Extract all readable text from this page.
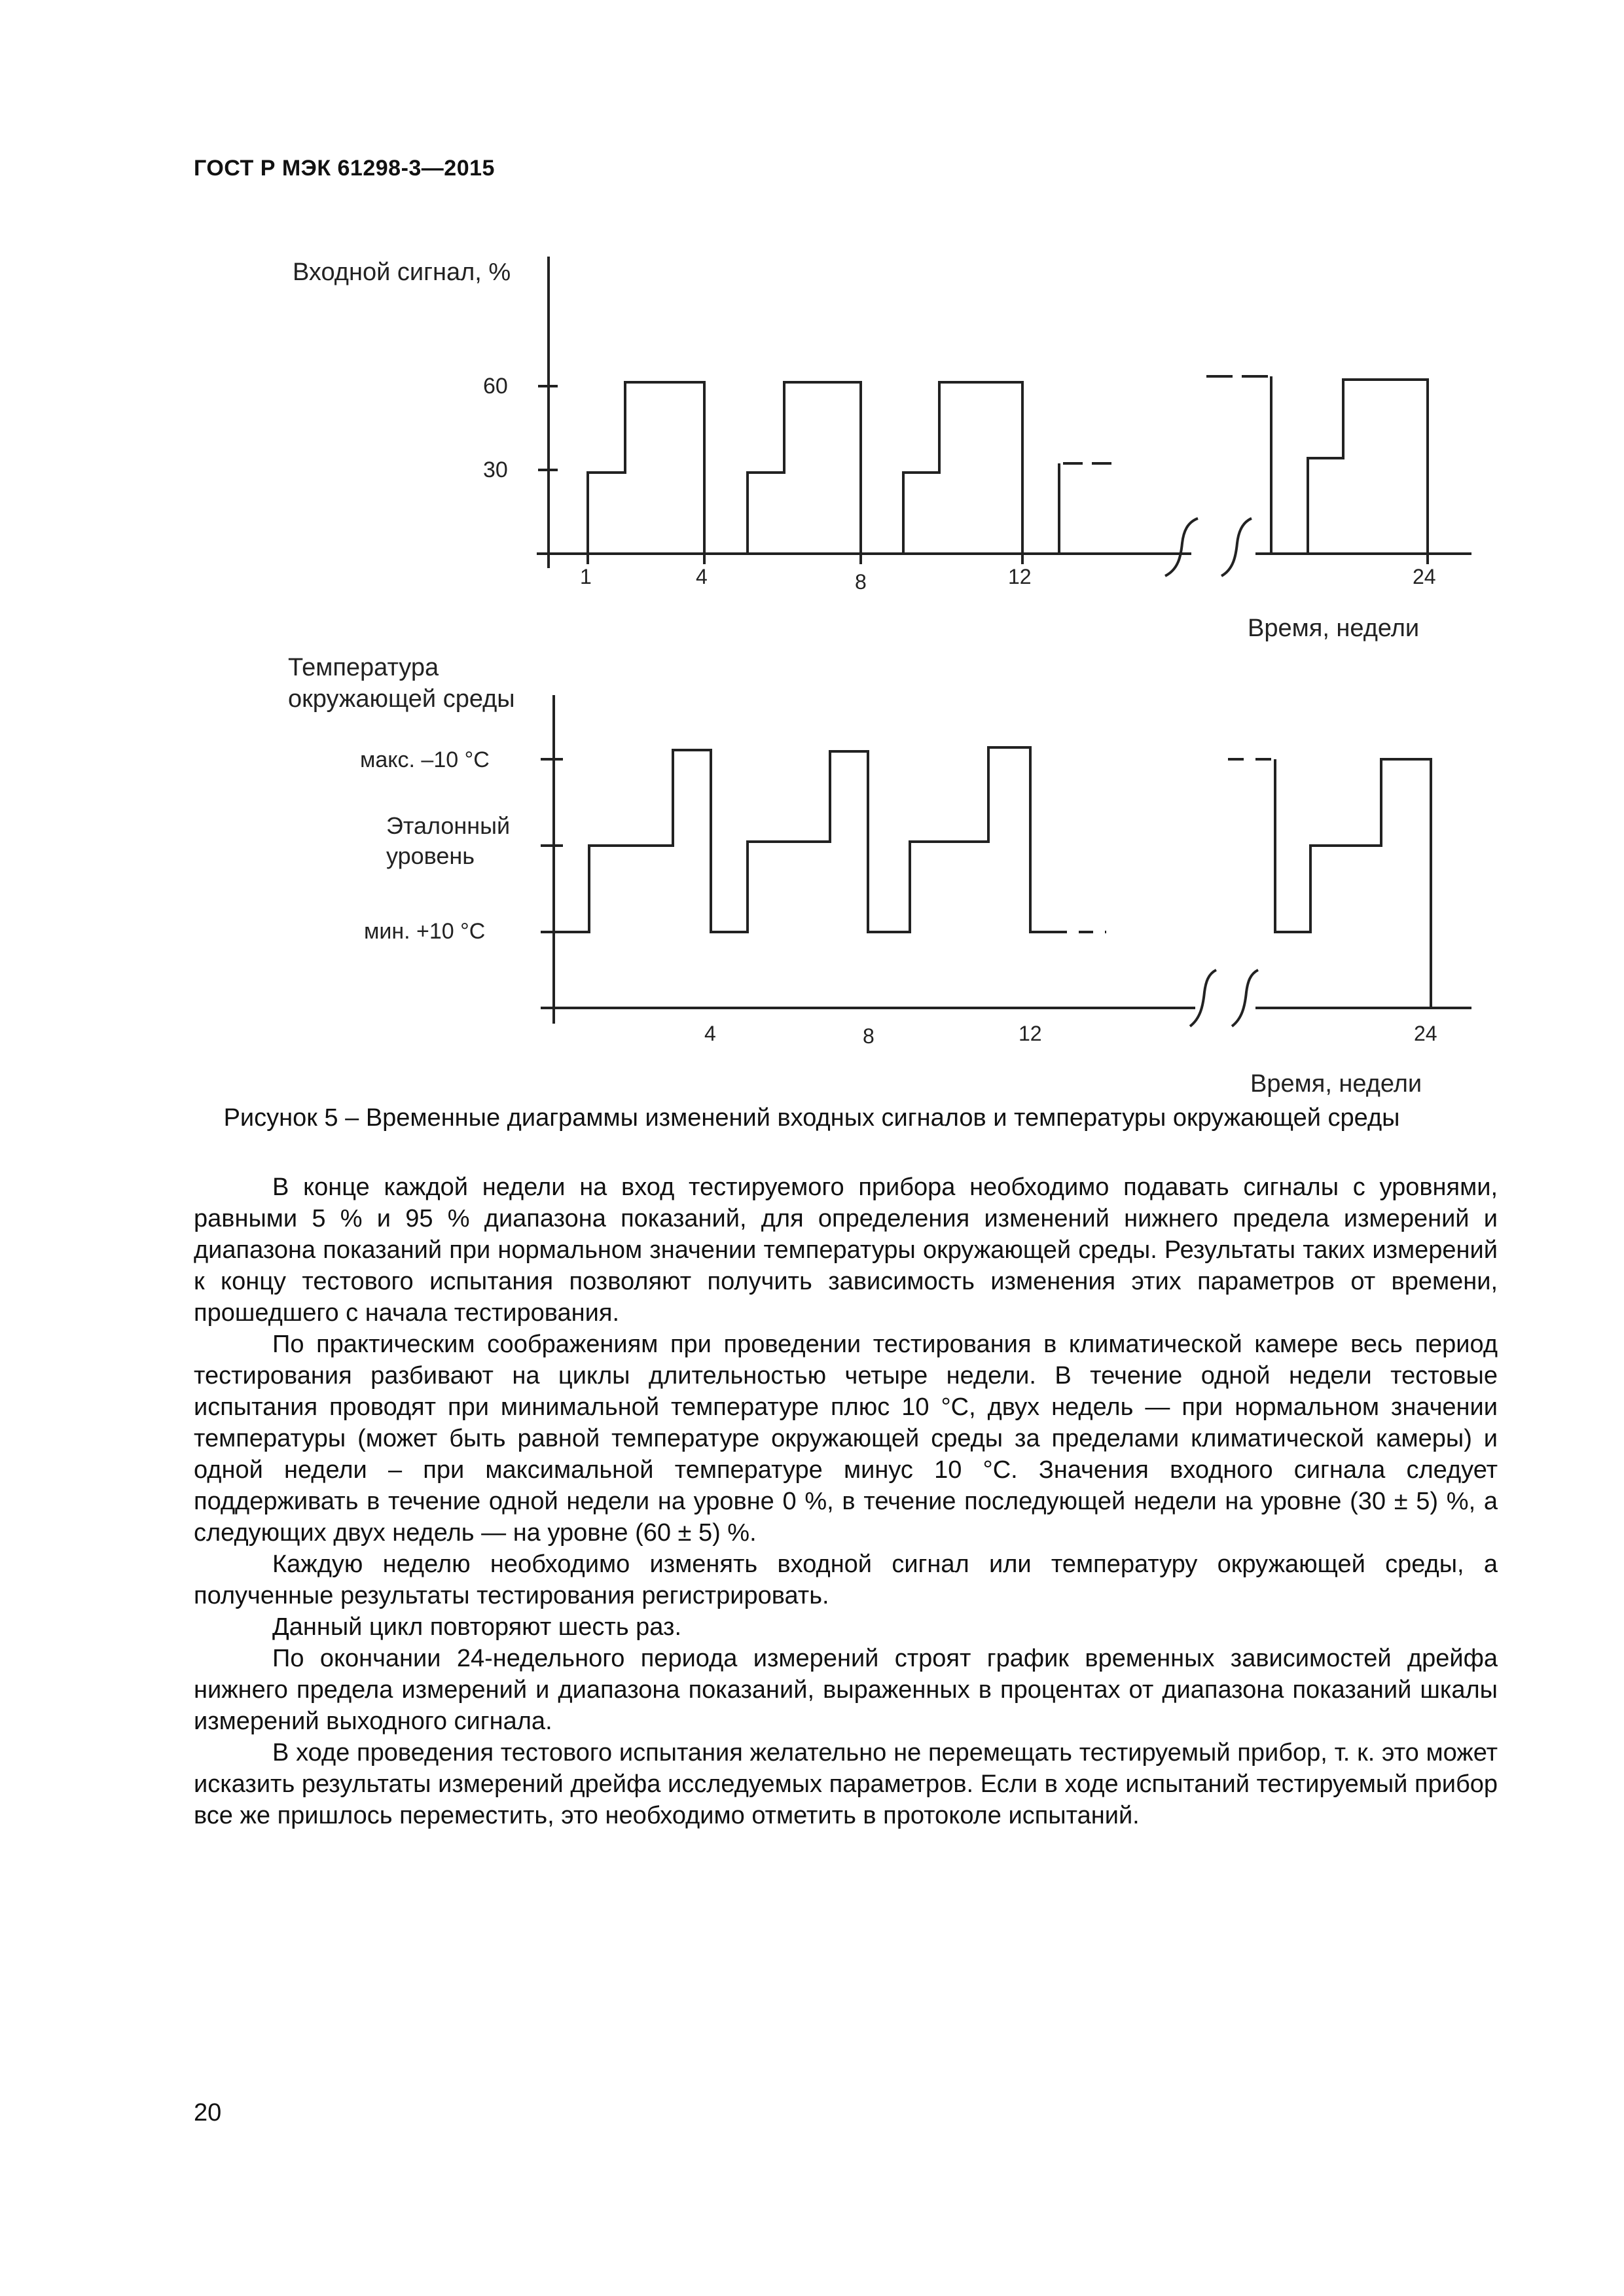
ГОСТ Р МЭК 61298-3—2015
Входной сигнал, %
60
30
1	4	8	12	24
Время, недели
Температура окружающей среды
макс. –10 °C
Эталонный уровень
мин. +10 °C
4	8	12	24
Время, недели
Рисунок 5 – Временные диаграммы изменений входных сигналов и температуры окружающей среды

В конце каждой недели на вход тестируемого прибора необходимо подавать сигналы с уровнями, равными 5 % и 95 % диапазона показаний, для определения изменений нижнего предела измерений и диапазона показаний при нормальном значении температуры окружающей среды. Результаты таких измерений к концу тестового испытания позволяют получить зависимость изменения этих параметров от времени, прошедшего с начала тестирования.

По практическим соображениям при проведении тестирования в климатической камере весь период тестирования разбивают на циклы длительностью четыре недели. В течение одной недели тестовые испытания проводят при минимальной температуре плюс 10 °C, двух недель — при нормальном значении температуры (может быть равной температуре окружающей среды за пределами климатической камеры) и одной недели – при максимальной температуре минус 10 °C. Значения входного сигнала следует поддерживать в течение одной недели на уровне 0 %, в течение последующей недели на уровне (30 ± 5) %, а следующих двух недель — на уровне (60 ± 5) %.

Каждую неделю необходимо изменять входной сигнал или температуру окружающей среды, а полученные результаты тестирования регистрировать.

Данный цикл повторяют шесть раз.

По окончании 24-недельного периода измерений строят график временных зависимостей дрейфа нижнего предела измерений и диапазона показаний, выраженных в процентах от диапазона показаний шкалы измерений выходного сигнала.

В ходе проведения тестового испытания желательно не перемещать тестируемый прибор, т. к. это может исказить результаты измерений дрейфа исследуемых параметров. Если в ходе испытаний тестируемый прибор все же пришлось переместить, это необходимо отметить в протоколе испытаний.

20
